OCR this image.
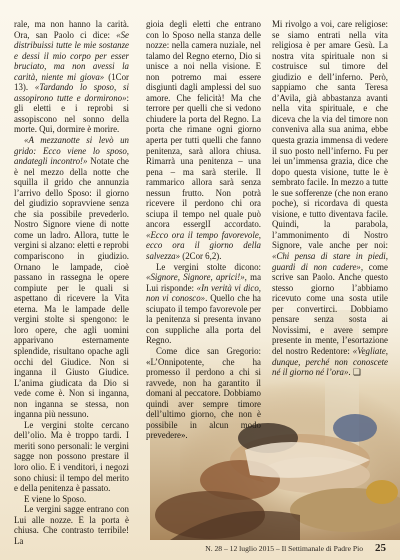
rale, ma non hanno la carità. Ora, san Paolo ci dice: «Se distribuissi tutte le mie sostanze e dessi il mio corpo per esser bruciato, ma non avessi la carità, niente mi giova» (1Cor 13). «Tardando lo sposo, si assopirono tutte e dormirono»: gli eletti e i reprobi si assopiscono nel sonno della morte. Qui, dormire è morire.

«A mezzanotte si levò un grido: Ecco viene lo sposo, andategli incontro!» Notate che è nel mezzo della notte che squilla il grido che annunzia l’arrivo dello Sposo: il giorno del giudizio sopravviene senza che sia possibile prevederlo. Nostro Signore viene di notte come un ladro. Allora, tutte le vergini si alzano: eletti e reprobi compariscono in giudizio. Ornano le lampade, cioè passano in rassegna le opere compiute per le quali si aspettano di ricevere la Vita eterna. Ma le lampade delle vergini stolte si spengono: le loro opere, che agli uomini apparivano esternamente splendide, risultano opache agli occhi del Giudice. Non si inganna il Giusto Giudice. L’anima giudicata da Dio si vede come è. Non si inganna, non inganna se stessa, non inganna più nessuno.

Le vergini stolte cercano dell’olio. Ma è troppo tardi. I meriti sono personali: le vergini sagge non possono prestare il loro olio. E i venditori, i negozi sono chiusi: il tempo del merito e della penitenza è passato.

E viene lo Sposo.

Le vergini sagge entrano con Lui alle nozze. E la porta è chiusa. Che contrasto terribile! La

gioia degli eletti che entrano con lo Sposo nella stanza delle nozze: nella camera nuziale, nel talamo del Regno eterno, Dio si unisce a noi nella visione. E non potremo mai essere disgiunti dagli amplessi del suo amore. Che felicità! Ma che terrore per quelli che si vedono chiudere la porta del Regno. La porta che rimane ogni giorno aperta per tutti quelli che fanno penitenza, sarà allora chiusa. Rimarrà una penitenza – una pena – ma sarà sterile. Il rammarico allora sarà senza nessun frutto. Non potrà ricevere il perdono chi ora sciupa il tempo nel quale può ancora esserglI accordato. «Ecco ora il tempo favorevole, ecco ora il giorno della salvezza» (2Cor 6,2).

Le vergini stolte dicono: «Signore, Signore, aprici!», ma Lui risponde: «In verità vi dico, non vi conosco». Quello che ha sciupato il tempo favorevole per la penitenza si presenta invano con suppliche alla porta del Regno.

Come dice san Gregorio: «L’Onnipotente, che ha promesso il perdono a chi si ravvede, non ha garantito il domani al peccatore. Dobbiamo quindi aver sempre timore dell’ultimo giorno, che non è possibile in alcun modo prevedere».

Mi rivolgo a voi, care religiose: se siamo entrati nella vita religiosa è per amare Gesù. La nostra vita spirituale non si costruisce sul timore del giudizio e dell’inferno. Però, sappiamo che santa Teresa d’Avila, già abbastanza avanti nella vita spirituale, e che diceva che la via del timore non conveniva alla sua anima, ebbe questa grazia immensa di vedere il suo posto nell’inferno. Fu per lei un’immensa grazia, dice che dopo questa visione, tutte le è sembrato facile. In mezzo a tutte le sue sofferenze (che non erano poche), si ricordava di questa visione, e tutto diventava facile. Quindi, la parabola, l’ammonimento di Nostro Signore, vale anche per noi: «Chi pensa di stare in piedi, guardi di non cadere», come scrive san Paolo. Anche questo stesso giorno l’abbiamo ricevuto come una sosta utile per convertirci. Dobbiamo pensare senza sosta ai Novissimi, e avere sempre presente in mente, l’esortazione del nostro Redentore: «Vegliate, dunque, perché non conoscete né il giorno né l’ora». ❏

N. 28 – 12 luglio 2015 – Il Settimanale di Padre Pio 25
